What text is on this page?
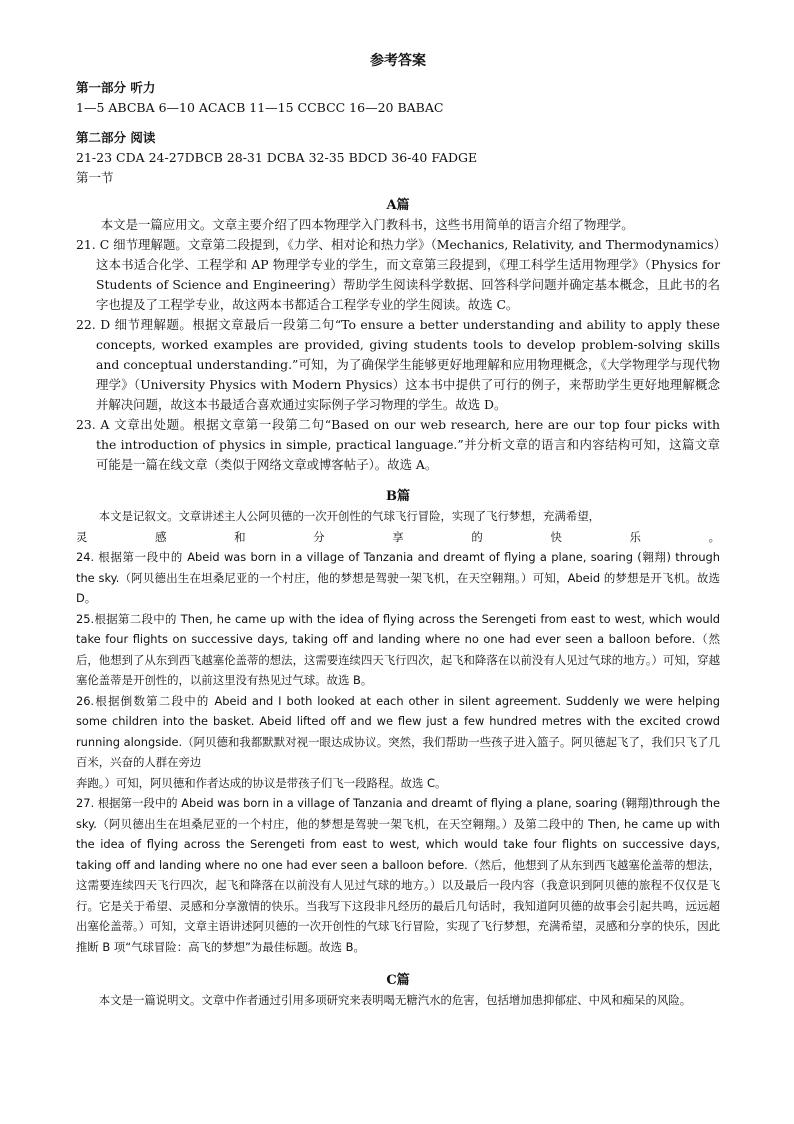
参考答案
第一部分 听力
1—5 ABCBA 6—10 ACACB 11—15 CCBCC 16—20 BABAC
第二部分 阅读
21-23 CDA 24-27DBCB 28-31 DCBA 32-35 BDCD 36-40 FADGE
第一节
A篇

本文是一篇应用文。文章主要介绍了四本物理学入门教科书，这些书用简单的语言介绍了物理学。

21. C 细节理解题。文章第二段提到，《力学、相对论和热力学》（Mechanics, Relativity, and Thermodynamics）这本书适合化学、工程学和 AP 物理学专业的学生，而文章第三段提到，《理工科学生适用物理学》（Physics for Students of Science and Engineering）帮助学生阅读科学数据、回答科学问题并确定基本概念，且此书的名字也提及了工程学专业，故这两本书都适合工程学专业的学生阅读。故选 C。

22. D 细节理解题。根据文章最后一段第二句“To ensure a better understanding and ability to apply these concepts, worked examples are provided, giving students tools to develop problem-solving skills and conceptual understanding.”可知，为了确保学生能够更好地理解和应用物理概念，《大学物理学与现代物理学》（University Physics with Modern Physics）这本书中提供了可行的例子，来帮助学生更好地理解概念并解决问题，故这本书最适合喜欢通过实际例子学习物理的学生。故选 D。

23. A 文章出处题。根据文章第一段第二句“Based on our web research, here are our top four picks with the introduction of physics in simple, practical language.”并分析文章的语言和内容结构可知，这篇文章可能是一篇在线文章（类似于网络文章或博客帖子）。故选 A。

B篇

本文是记叙文。文章讲述主人公阿贝德的一次开创性的气球飞行冒险，实现了飞行梦想，充满希望，

灵 感 和 分 享 的 快 乐 。

24. 根据第一段中的 Abeid was born in a village of Tanzania and dreamt of flying a plane, soaring (翱翔) through the sky.（阿贝德出生在坦桑尼亚的一个村庄，他的梦想是驾驶一架飞机，在天空翱翔。）可知，Abeid 的梦想是开飞机。故选 D。

25.根据第二段中的 Then, he came up with the idea of flying across the Serengeti from east to west, which would take four flights on successive days, taking off and landing where no one had ever seen a balloon before.（然后，他想到了从东到西飞越塞伦盖蒂的想法，这需要连续四天飞行四次，起飞和降落在以前没有人见过气球的地方。）可知，穿越塞伦盖蒂是开创性的，以前这里没有热见过气球。故选 B。

26.根据倒数第二段中的 Abeid and I both looked at each other in silent agreement. Suddenly we were helping some children into the basket. Abeid lifted off and we flew just a few hundred metres with the excited crowd running alongside.（阿贝德和我都默默对视一眼达成协议。突然，我们帮助一些孩子进入篮子。阿贝德起飞了，我们只飞了几百米，兴奋的人群在旁边

奔跑。）可知，阿贝德和作者达成的协议是带孩子们飞一段路程。故选 C。

27. 根据第一段中的 Abeid was born in a village of Tanzania and dreamt of flying a plane, soaring (翱翔)through the sky.（阿贝德出生在坦桑尼亚的一个村庄，他的梦想是驾驶一架飞机，在天空翱翔。）及第二段中的 Then, he came up with the idea of flying across the Serengeti from east to west, which would take four flights on successive days, taking off and landing where no one had ever seen a balloon before.（然后，他想到了从东到西飞越塞伦盖蒂的想法，这需要连续四天飞行四次，起飞和降落在以前没有人见过气球的地方。）以及最后一段内容（我意识到阿贝德的旅程不仅仅是飞行。它是关于希望、灵感和分享激情的快乐。当我写下这段非凡经历的最后几句话时，我知道阿贝德的故事会引起共鸣，远远超出塞伦盖蒂。）可知，文章主语讲述阿贝德的一次开创性的气球飞行冒险，实现了飞行梦想，充满希望，灵感和分享的快乐，因此推断 B 项“气球冒险：高飞的梦想”为最佳标题。故选 B。

C篇

本文是一篇说明文。文章中作者通过引用多项研究来表明喝无糖汽水的危害，包括增加患抑郁症、中风和痴呆的风险。
